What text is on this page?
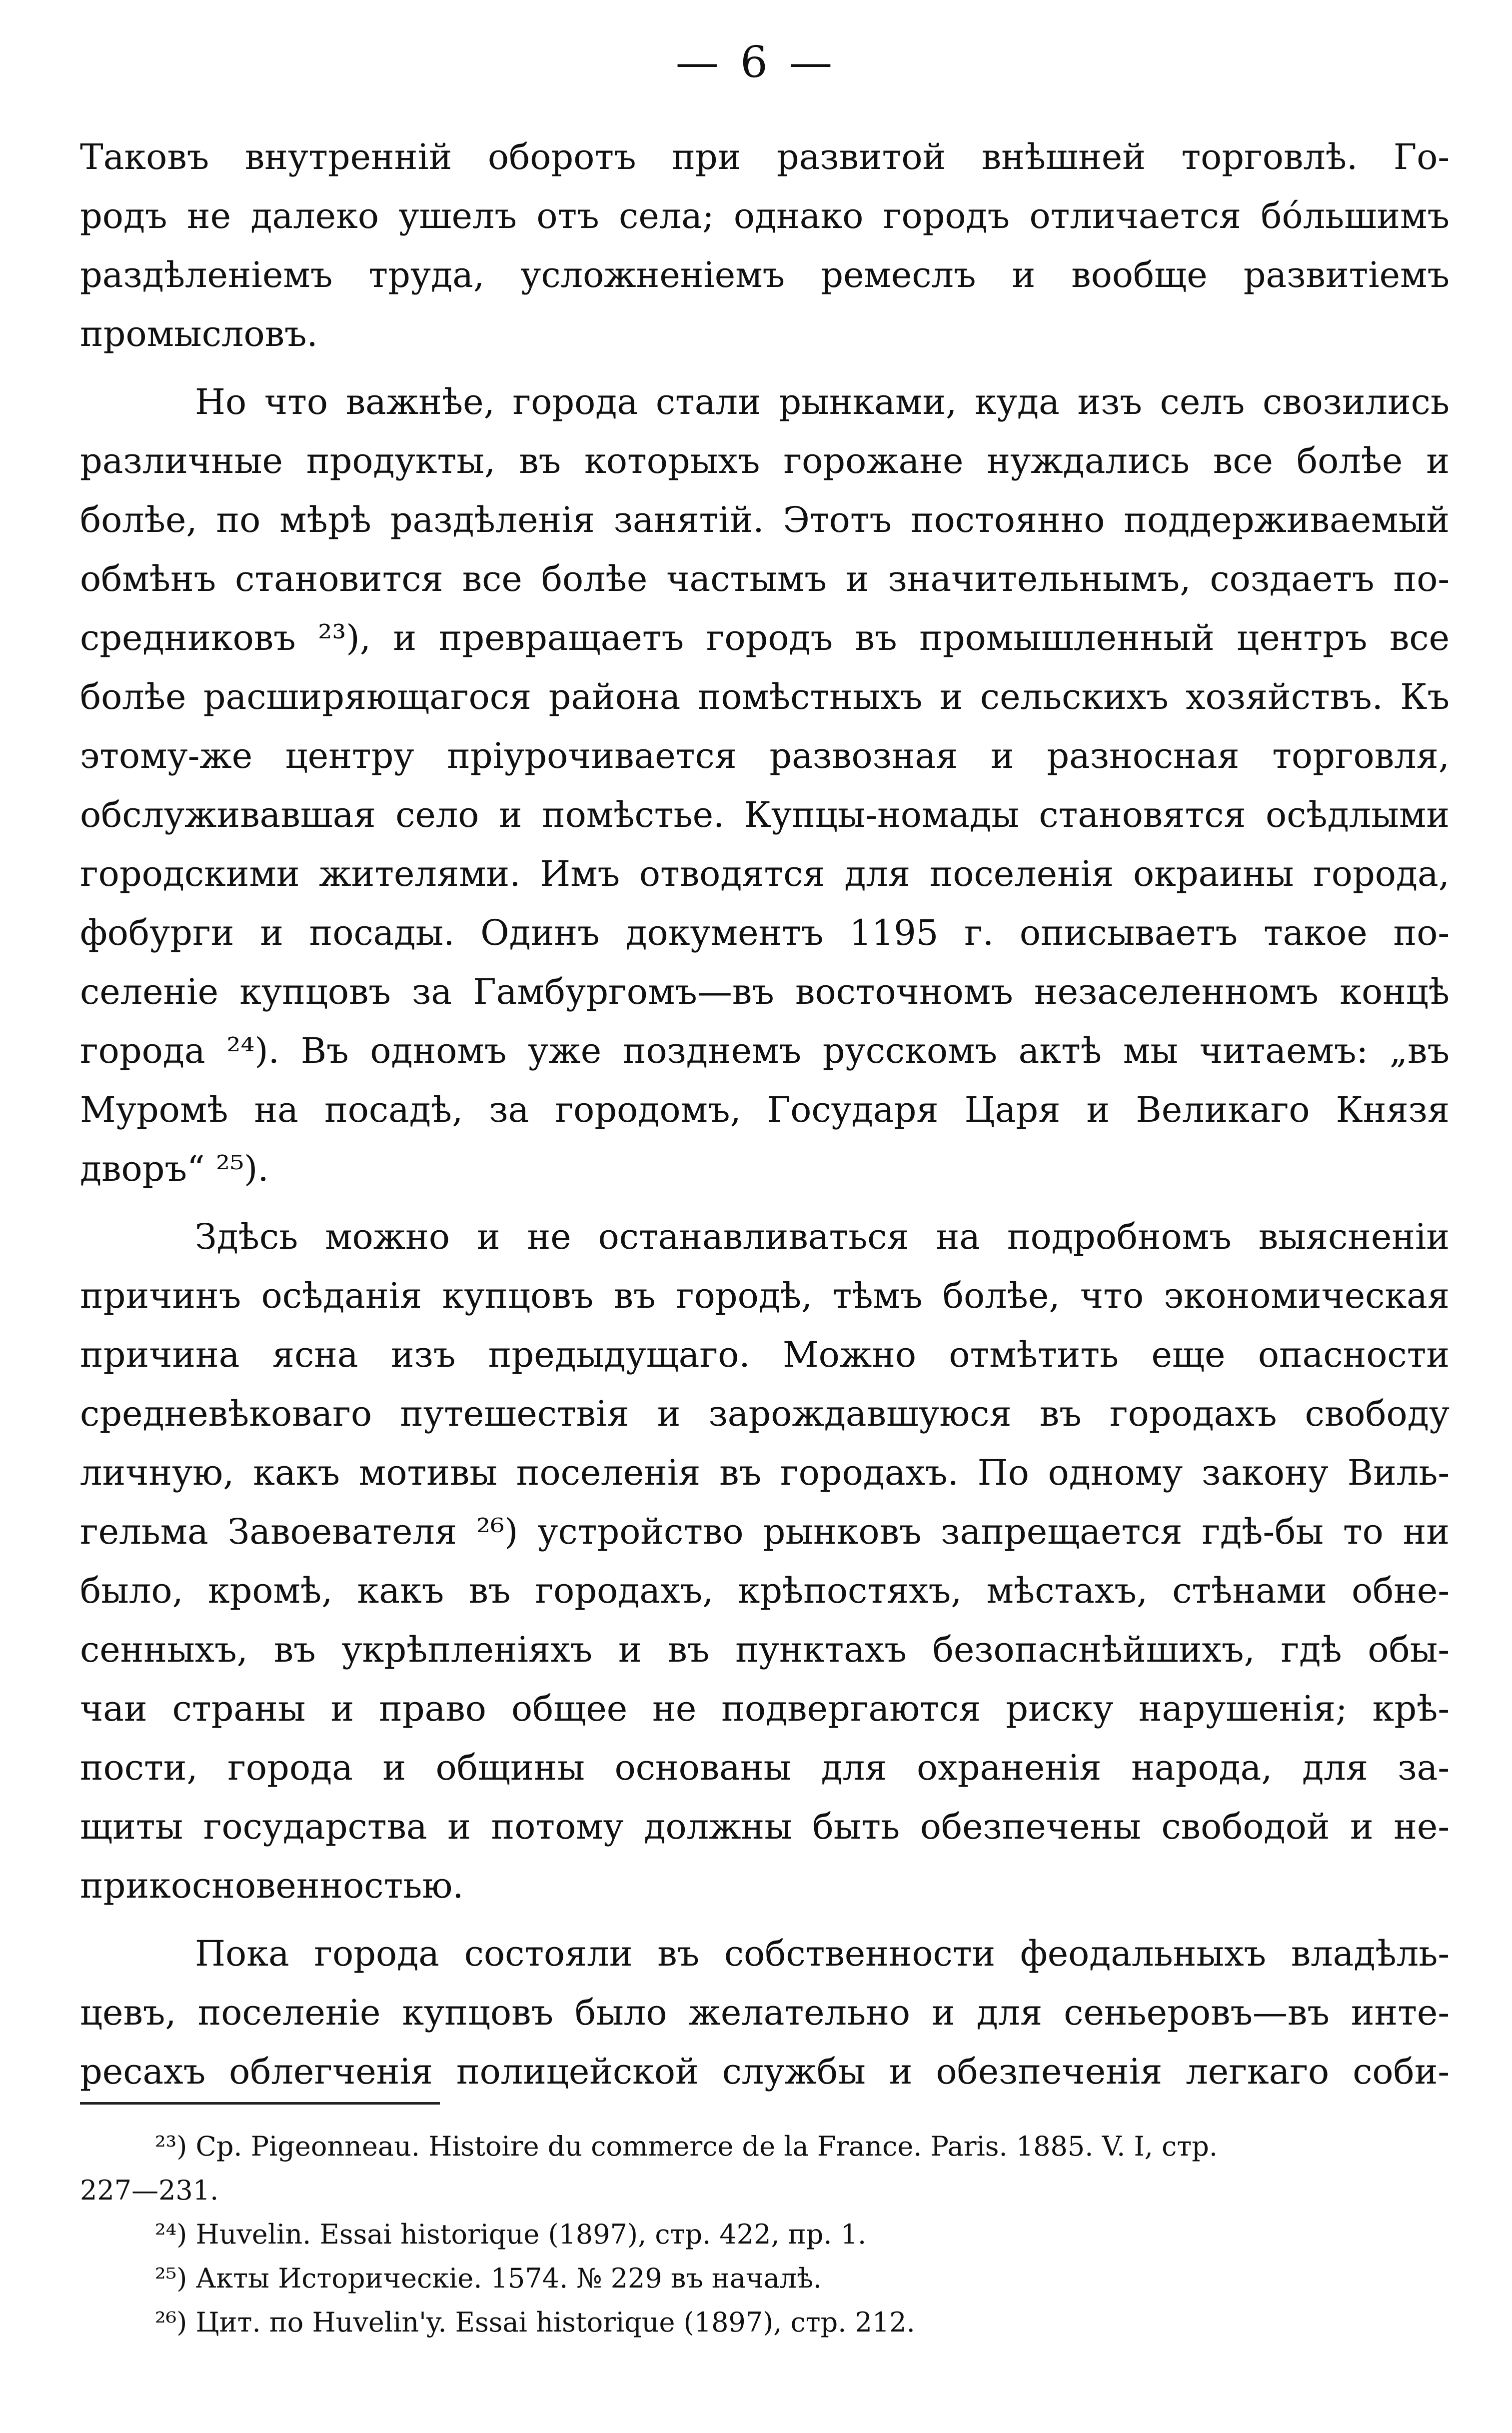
— 6 —
Таковъ внутренній оборотъ при развитой внѣшней торговлѣ. Го-
родъ не далеко ушелъ отъ села; однако городъ отличается бóльшимъ
раздѣленіемъ труда, усложненіемъ ремеслъ и вообще развитіемъ
промысловъ.
Но что важнѣе, города стали рынками, куда изъ селъ свозились
различные продукты, въ которыхъ горожане нуждались все болѣе и
болѣе, по мѣрѣ раздѣленія занятій. Этотъ постоянно поддерживаемый
обмѣнъ становится все болѣе частымъ и значительнымъ, создаетъ по-
средниковъ ²³), и превращаетъ городъ въ промышленный центръ все
болѣе расширяющагося района помѣстныхъ и сельскихъ хозяйствъ. Къ
этому-же центру пріурочивается развозная и разносная торговля,
обслуживавшая село и помѣстье. Купцы-номады становятся осѣдлыми
городскими жителями. Имъ отводятся для поселенія окраины города,
фобурги и посады. Одинъ документъ 1195 г. описываетъ такое по-
селеніе купцовъ за Гамбургомъ—въ восточномъ незаселенномъ концѣ
города ²⁴). Въ одномъ уже позднемъ русскомъ актѣ мы читаемъ: „въ
Муромѣ на посадѣ, за городомъ, Государя Царя и Великаго Князя
дворъ“ ²⁵).
Здѣсь можно и не останавливаться на подробномъ выясненіи
причинъ осѣданія купцовъ въ городѣ, тѣмъ болѣе, что экономическая
причина ясна изъ предыдущаго. Можно отмѣтить еще опасности
средневѣковаго путешествія и зарождавшуюся въ городахъ свободу
личную, какъ мотивы поселенія въ городахъ. По одному закону Виль-
гельма Завоевателя ²⁶) устройство рынковъ запрещается гдѣ-бы то ни
было, кромѣ, какъ въ городахъ, крѣпостяхъ, мѣстахъ, стѣнами обне-
сенныхъ, въ укрѣпленіяхъ и въ пунктахъ безопаснѣйшихъ, гдѣ обы-
чаи страны и право общее не подвергаются риску нарушенія; крѣ-
пости, города и общины основаны для охраненія народа, для за-
щиты государства и потому должны быть обезпечены свободой и не-
прикосновенностью.
Пока города состояли въ собственности феодальныхъ владѣль-
цевъ, поселеніе купцовъ было желательно и для сеньеровъ—въ инте-
ресахъ облегченія полицейской службы и обезпеченія легкаго соби-
²³) Ср. Pigeonneau. Histoire du commerce de la France. Paris. 1885. V. I, стр.
227—231.
²⁴) Huvelin. Essai historique (1897), стр. 422, пр. 1.
²⁵) Акты Историческіе. 1574. № 229 въ началѣ.
²⁶) Цит. по Huvelin'y. Essai historique (1897), стр. 212.
